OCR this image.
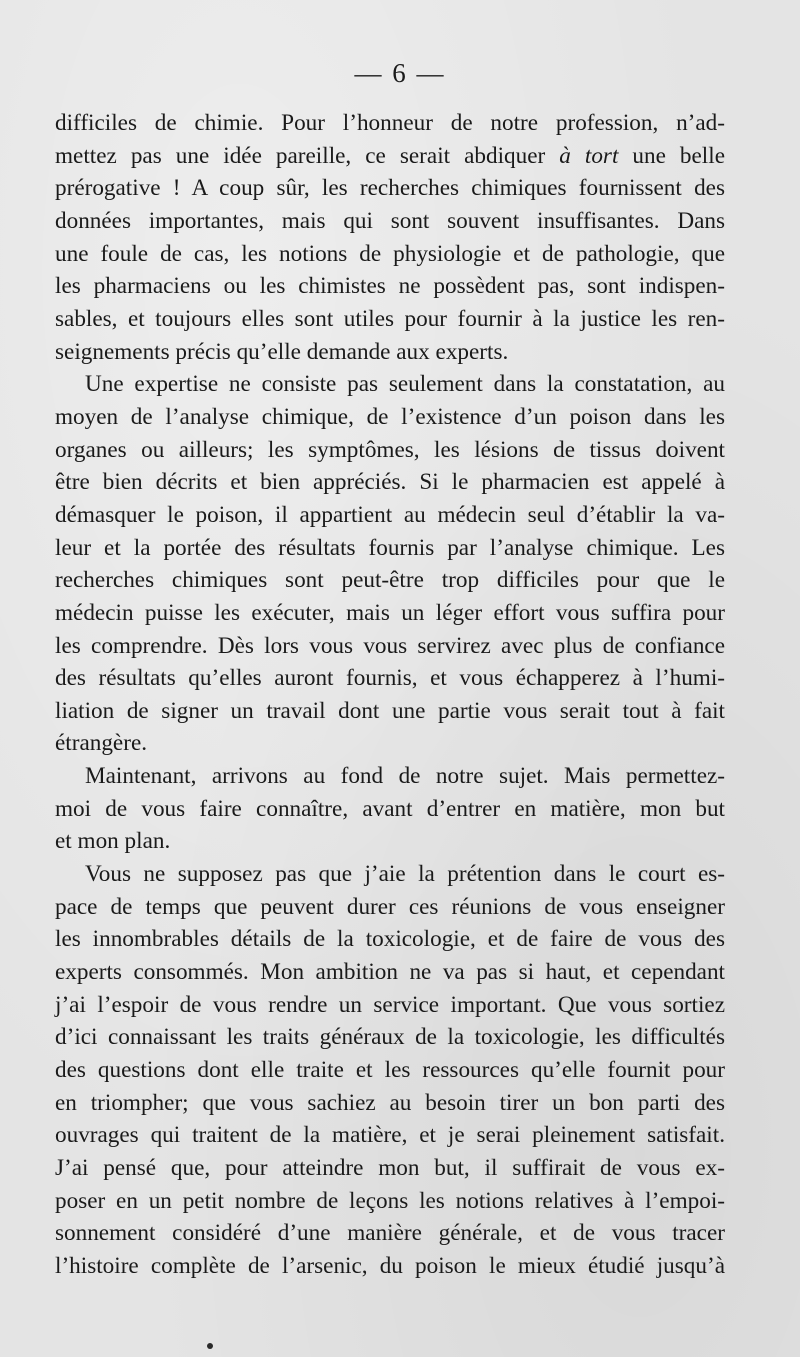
— 6 —
difficiles de chimie. Pour l’honneur de notre profession, n’ad-
mettez pas une idée pareille, ce serait abdiquer à tort une belle
prérogative ! A coup sûr, les recherches chimiques fournissent des
données importantes, mais qui sont souvent insuffisantes. Dans
une foule de cas, les notions de physiologie et de pathologie, que
les pharmaciens ou les chimistes ne possèdent pas, sont indispen-
sables, et toujours elles sont utiles pour fournir à la justice les ren-
seignements précis qu’elle demande aux experts.
Une expertise ne consiste pas seulement dans la constatation, au
moyen de l’analyse chimique, de l’existence d’un poison dans les
organes ou ailleurs; les symptômes, les lésions de tissus doivent
être bien décrits et bien appréciés. Si le pharmacien est appelé à
démasquer le poison, il appartient au médecin seul d’établir la va-
leur et la portée des résultats fournis par l’analyse chimique. Les
recherches chimiques sont peut-être trop difficiles pour que le
médecin puisse les exécuter, mais un léger effort vous suffira pour
les comprendre. Dès lors vous vous servirez avec plus de confiance
des résultats qu’elles auront fournis, et vous échapperez à l’humi-
liation de signer un travail dont une partie vous serait tout à fait
étrangère.
Maintenant, arrivons au fond de notre sujet. Mais permettez-
moi de vous faire connaître, avant d’entrer en matière, mon but
et mon plan.
Vous ne supposez pas que j’aie la prétention dans le court es-
pace de temps que peuvent durer ces réunions de vous enseigner
les innombrables détails de la toxicologie, et de faire de vous des
experts consommés. Mon ambition ne va pas si haut, et cependant
j’ai l’espoir de vous rendre un service important. Que vous sortiez
d’ici connaissant les traits généraux de la toxicologie, les difficultés
des questions dont elle traite et les ressources qu’elle fournit pour
en triompher; que vous sachiez au besoin tirer un bon parti des
ouvrages qui traitent de la matière, et je serai pleinement satisfait.
J’ai pensé que, pour atteindre mon but, il suffirait de vous ex-
poser en un petit nombre de leçons les notions relatives à l’empoi-
sonnement considéré d’une manière générale, et de vous tracer
l’histoire complète de l’arsenic, du poison le mieux étudié jusqu’à
